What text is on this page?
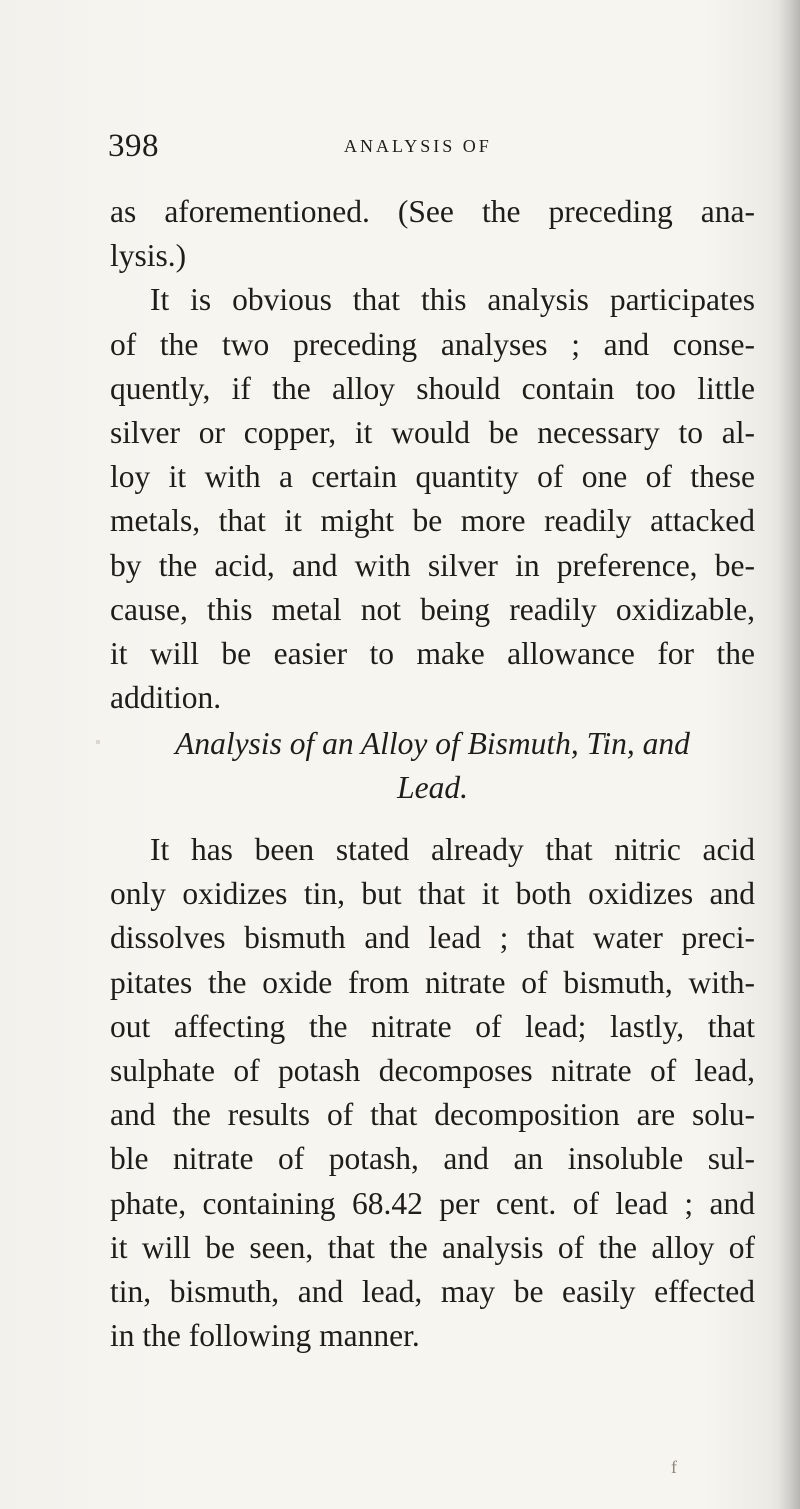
398	ANALYSIS OF

as aforementioned. (See the preceding ana-
lysis.)

It is obvious that this analysis participates
of the two preceding analyses ; and conse-
quently, if the alloy should contain too little
silver or copper, it would be necessary to al-
loy it with a certain quantity of one of these
metals, that it might be more readily attacked
by the acid, and with silver in preference, be-
cause, this metal not being readily oxidizable,
it will be easier to make allowance for the
addition.

Analysis of an Alloy of Bismuth, Tin, and
Lead.

It has been stated already that nitric acid
only oxidizes tin, but that it both oxidizes and
dissolves bismuth and lead ; that water preci-
pitates the oxide from nitrate of bismuth, with-
out affecting the nitrate of lead; lastly, that
sulphate of potash decomposes nitrate of lead,
and the results of that decomposition are solu-
ble nitrate of potash, and an insoluble sul-
phate, containing 68.42 per cent. of lead ; and
it will be seen, that the analysis of the alloy of
tin, bismuth, and lead, may be easily effected
in the following manner.

f
